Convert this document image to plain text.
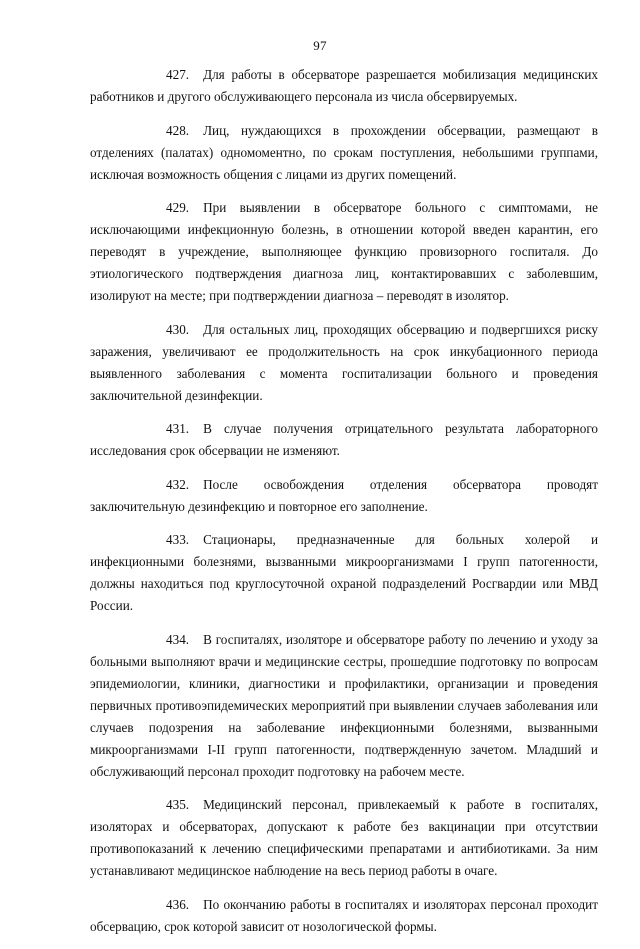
97

427. Для работы в обсерваторе разрешается мобилизация медицинских работников и другого обслуживающего персонала из числа обсервируемых.

428. Лиц, нуждающихся в прохождении обсервации, размещают в отделениях (палатах) одномоментно, по срокам поступления, небольшими группами, исключая возможность общения с лицами из других помещений.

429. При выявлении в обсерваторе больного с симптомами, не исключающими инфекционную болезнь, в отношении которой введен карантин, его переводят в учреждение, выполняющее функцию провизорного госпиталя. До этиологического подтверждения диагноза лиц, контактировавших с заболевшим, изолируют на месте; при подтверждении диагноза – переводят в изолятор.

430. Для остальных лиц, проходящих обсервацию и подвергшихся риску заражения, увеличивают ее продолжительность на срок инкубационного периода выявленного заболевания с момента госпитализации больного и проведения заключительной дезинфекции.

431. В случае получения отрицательного результата лабораторного исследования срок обсервации не изменяют.

432. После освобождения отделения обсерватора проводят заключительную дезинфекцию и повторное его заполнение.

433. Стационары, предназначенные для больных холерой и инфекционными болезнями, вызванными микроорганизмами I групп патогенности, должны находиться под круглосуточной охраной подразделений Росгвардии или МВД России.

434. В госпиталях, изоляторе и обсерваторе работу по лечению и уходу за больными выполняют врачи и медицинские сестры, прошедшие подготовку по вопросам эпидемиологии, клиники, диагностики и профилактики, организации и проведения первичных противоэпидемических мероприятий при выявлении случаев заболевания или случаев подозрения на заболевание инфекционными болезнями, вызванными микроорганизмами I-II групп патогенности, подтвержденную зачетом. Младший и обслуживающий персонал проходит подготовку на рабочем месте.

435. Медицинский персонал, привлекаемый к работе в госпиталях, изоляторах и обсерваторах, допускают к работе без вакцинации при отсутствии противопоказаний к лечению специфическими препаратами и антибиотиками. За ним устанавливают медицинское наблюдение на весь период работы в очаге.

436. По окончанию работы в госпиталях и изоляторах персонал проходит обсервацию, срок которой зависит от нозологической формы.
